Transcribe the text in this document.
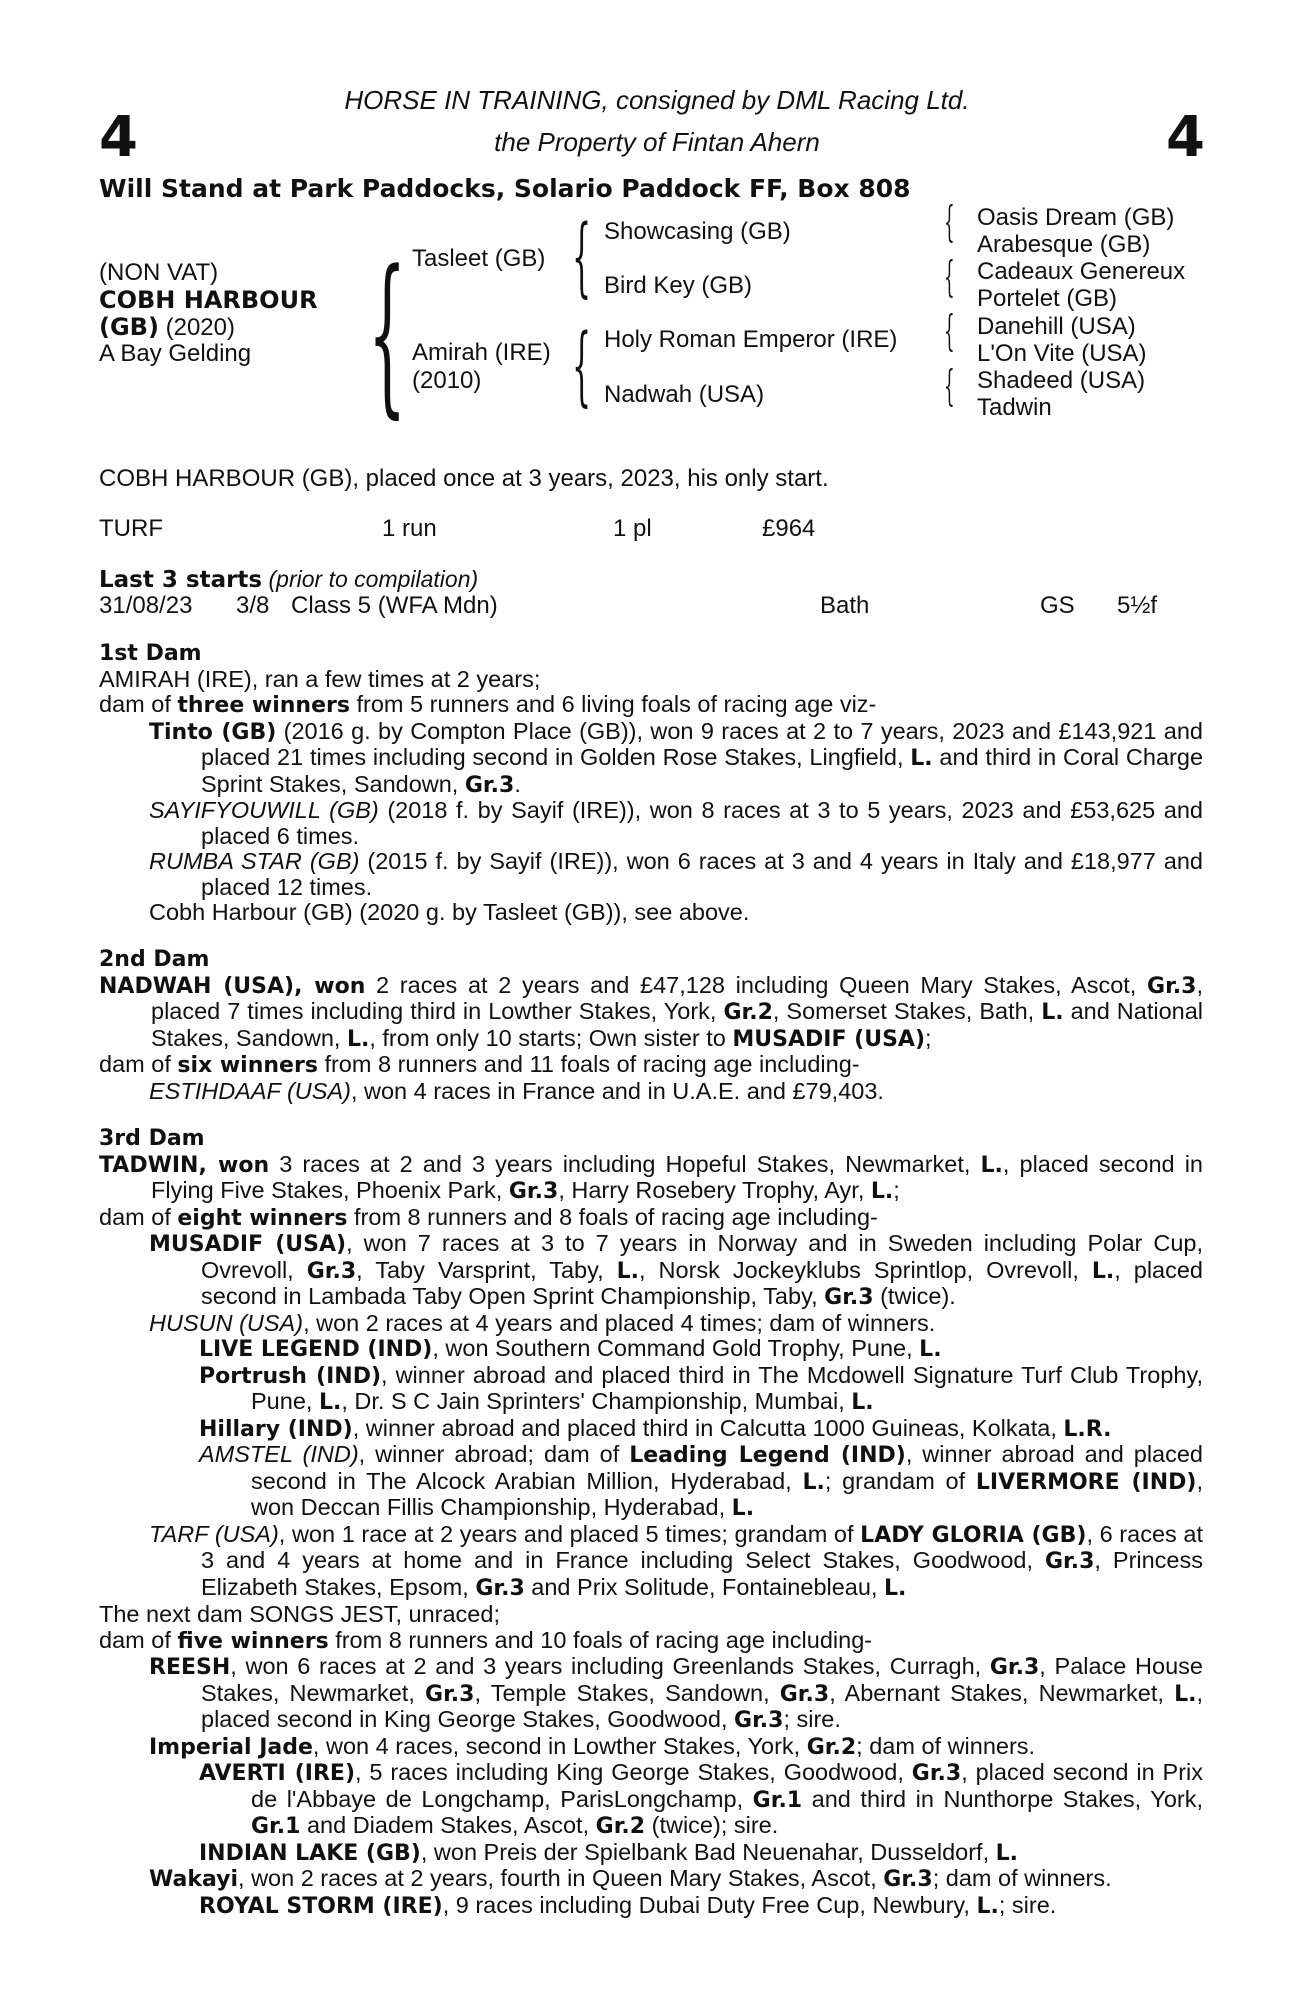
4	4
HORSE IN TRAINING, consigned by DML Racing Ltd.
the Property of Fintan Ahern
Will Stand at Park Paddocks, Solario Paddock FF, Box 808
(NON VAT)
COBH HARBOUR
(GB) (2020)
A Bay Gelding { {
{
{
{
{
{
Tasleet (GB)
Amirah (IRE)
(2010)
Showcasing (GB)
Bird Key (GB)
Holy Roman Emperor (IRE)
Nadwah (USA)
Oasis Dream (GB)
Arabesque (GB)
Cadeaux Genereux
Portelet (GB)
Danehill (USA)
L'On Vite (USA)
Shadeed (USA)
Tadwin
COBH HARBOUR (GB), placed once at 3 years, 2023, his only start.
TURF	1 run	1 pl	£964
Last 3 starts (prior to compilation)
31/08/23 3/8 Class 5 (WFA Mdn)	Bath	GS 5½f

1st Dam

AMIRAH (IRE), ran a few times at 2 years;

dam of three winners from 5 runners and 6 living foals of racing age viz-

Tinto (GB) (2016 g. by Compton Place (GB)), won 9 races at 2 to 7 years, 2023 and £143,921 and placed 21 times including second in Golden Rose Stakes, Lingfield, L. and third in Coral Charge Sprint Stakes, Sandown, Gr.3.

SAYIFYOUWILL (GB) (2018 f. by Sayif (IRE)), won 8 races at 3 to 5 years, 2023 and £53,625 and placed 6 times.

RUMBA STAR (GB) (2015 f. by Sayif (IRE)), won 6 races at 3 and 4 years in Italy and £18,977 and placed 12 times.

Cobh Harbour (GB) (2020 g. by Tasleet (GB)), see above.

2nd Dam

NADWAH (USA), won 2 races at 2 years and £47,128 including Queen Mary Stakes, Ascot, Gr.3, placed 7 times including third in Lowther Stakes, York, Gr.2, Somerset Stakes, Bath, L. and National Stakes, Sandown, L., from only 10 starts; Own sister to MUSADIF (USA);

dam of six winners from 8 runners and 11 foals of racing age including-

ESTIHDAAF (USA), won 4 races in France and in U.A.E. and £79,403.

3rd Dam

TADWIN, won 3 races at 2 and 3 years including Hopeful Stakes, Newmarket, L., placed second in Flying Five Stakes, Phoenix Park, Gr.3, Harry Rosebery Trophy, Ayr, L.;

dam of eight winners from 8 runners and 8 foals of racing age including-

MUSADIF (USA), won 7 races at 3 to 7 years in Norway and in Sweden including Polar Cup, Ovrevoll, Gr.3, Taby Varsprint, Taby, L., Norsk Jockeyklubs Sprintlop, Ovrevoll, L., placed second in Lambada Taby Open Sprint Championship, Taby, Gr.3 (twice).

HUSUN (USA), won 2 races at 4 years and placed 4 times; dam of winners.

LIVE LEGEND (IND), won Southern Command Gold Trophy, Pune, L.

Portrush (IND), winner abroad and placed third in The Mcdowell Signature Turf Club Trophy, Pune, L., Dr. S C Jain Sprinters' Championship, Mumbai, L.

Hillary (IND), winner abroad and placed third in Calcutta 1000 Guineas, Kolkata, L.R.

AMSTEL (IND), winner abroad; dam of Leading Legend (IND), winner abroad and placed second in The Alcock Arabian Million, Hyderabad, L.; grandam of LIVERMORE (IND), won Deccan Fillis Championship, Hyderabad, L.

TARF (USA), won 1 race at 2 years and placed 5 times; grandam of LADY GLORIA (GB), 6 races at 3 and 4 years at home and in France including Select Stakes, Goodwood, Gr.3, Princess Elizabeth Stakes, Epsom, Gr.3 and Prix Solitude, Fontainebleau, L.

The next dam SONGS JEST, unraced;

dam of five winners from 8 runners and 10 foals of racing age including-

REESH, won 6 races at 2 and 3 years including Greenlands Stakes, Curragh, Gr.3, Palace House Stakes, Newmarket, Gr.3, Temple Stakes, Sandown, Gr.3, Abernant Stakes, Newmarket, L., placed second in King George Stakes, Goodwood, Gr.3; sire.

Imperial Jade, won 4 races, second in Lowther Stakes, York, Gr.2; dam of winners.

AVERTI (IRE), 5 races including King George Stakes, Goodwood, Gr.3, placed second in Prix de l'Abbaye de Longchamp, ParisLongchamp, Gr.1 and third in Nunthorpe Stakes, York, Gr.1 and Diadem Stakes, Ascot, Gr.2 (twice); sire.

INDIAN LAKE (GB), won Preis der Spielbank Bad Neuenahar, Dusseldorf, L.

Wakayi, won 2 races at 2 years, fourth in Queen Mary Stakes, Ascot, Gr.3; dam of winners.

ROYAL STORM (IRE), 9 races including Dubai Duty Free Cup, Newbury, L.; sire.
